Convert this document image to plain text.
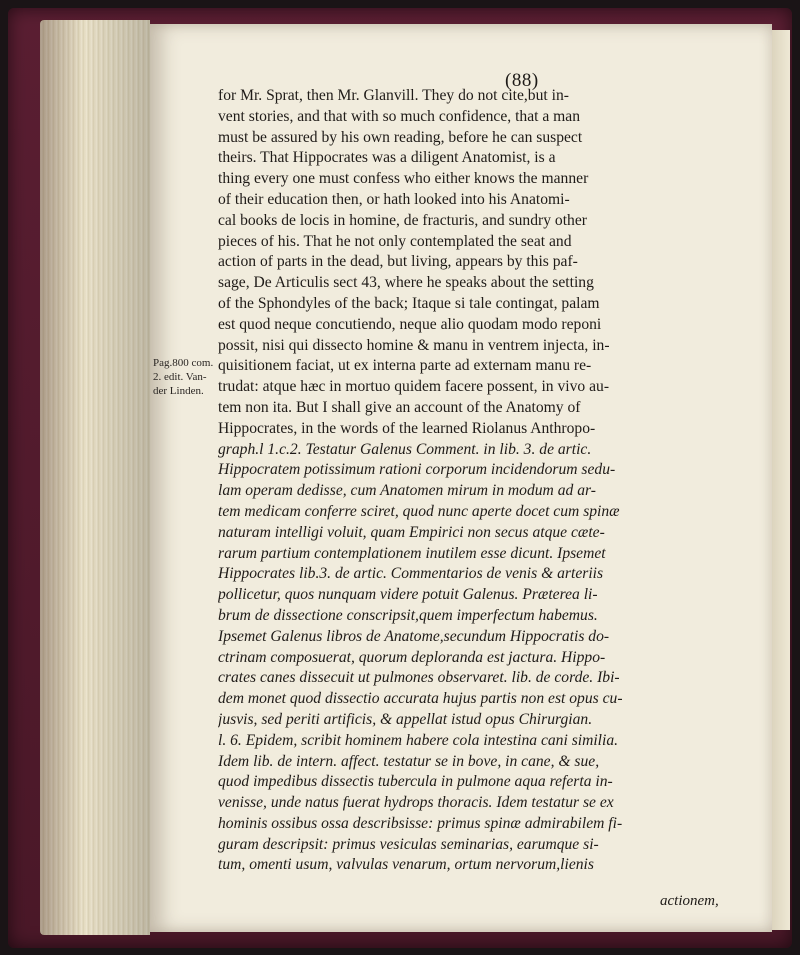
(88)
Pag.800 com.
2. edit. Van-
der Linden.
for Mr. Sprat, then Mr. Glanvill. They do not cite,but in-
vent stories, and that with so much confidence, that a man
must be assured by his own reading, before he can suspect
theirs. That Hippocrates was a diligent Anatomist, is a
thing every one must confess who either knows the manner
of their education then, or hath looked into his Anatomi-
cal books de locis in homine, de fracturis, and sundry other
pieces of his. That he not only contemplated the seat and
action of parts in the dead, but living, appears by this paf-
sage, De Articulis sect 43, where he speaks about the setting
of the Sphondyles of the back; Itaque si tale contingat, palam
est quod neque concutiendo, neque alio quodam modo reponi
possit, nisi qui dissecto homine & manu in ventrem injecta, in-
quisitionem faciat, ut ex interna parte ad externam manu re-
trudat: atque hæc in mortuo quidem facere possent, in vivo au-
tem non ita. But I shall give an account of the Anatomy of
Hippocrates, in the words of the learned Riolanus Anthropo-
graph.l 1.c.2. Testatur Galenus Comment. in lib. 3. de artic.
Hippocratem potissimum rationi corporum incidendorum sedu-
lam operam dedisse, cum Anatomen mirum in modum ad ar-
tem medicam conferre sciret, quod nunc aperte docet cum spinæ
naturam intelligi voluit, quam Empirici non secus atque cæte-
rarum partium contemplationem inutilem esse dicunt. Ipsemet
Hippocrates lib.3. de artic. Commentarios de venis & arteriis
pollicetur, quos nunquam videre potuit Galenus. Præterea li-
brum de dissectione conscripsit,quem imperfectum habemus.
Ipsemet Galenus libros de Anatome,secundum Hippocratis do-
ctrinam composuerat, quorum deploranda est jactura. Hippo-
crates canes dissecuit ut pulmones observaret. lib. de corde. Ibi-
dem monet quod dissectio accurata hujus partis non est opus cu-
jusvis, sed periti artificis, & appellat istud opus Chirurgian.
l. 6. Epidem, scribit hominem habere cola intestina cani similia.
Idem lib. de intern. affect. testatur se in bove, in cane, & sue,
quod impedibus dissectis tubercula in pulmone aqua referta in-
venisse, unde natus fuerat hydrops thoracis. Idem testatur se ex
hominis ossibus ossa describsisse: primus spinæ admirabilem fi-
guram descripsit: primus vesiculas seminarias, earumque si-
tum, omenti usum, valvulas venarum, ortum nervorum,lienis
actionem,
